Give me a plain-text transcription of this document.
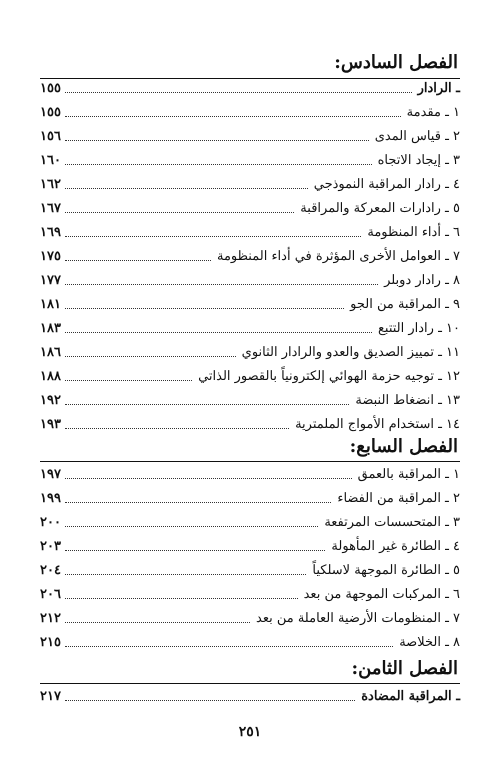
الفصل السادس:
ـ الرادار
١٥٥
١ ـ مقدمة
١٥٥
٢ ـ قياس المدى
١٥٦
٣ ـ إيجاد الاتجاه
١٦٠
٤ ـ رادار المراقبة النموذجي
١٦٢
٥ ـ رادارات المعركة والمراقبة
١٦٧
٦ ـ أداء المنظومة
١٦٩
٧ ـ العوامل الأخرى المؤثرة في أداء المنظومة
١٧٥
٨ ـ رادار دوبلر
١٧٧
٩ ـ المراقبة من الجو
١٨١
١٠ ـ رادار التتبع
١٨٣
١١ ـ تمييز الصديق والعدو والرادار الثانوي
١٨٦
١٢ ـ توجيه حزمة الهوائي إلكترونياً بالقصور الذاتي
١٨٨
١٣ ـ انضغاط النبضة
١٩٢
١٤ ـ استخدام الأمواج الملمترية
١٩٣
الفصل السابع:
١ ـ المراقبة بالعمق
١٩٧
٢ ـ المراقبة من الفضاء
١٩٩
٣ ـ المتحسسات المرتفعة
٢٠٠
٤ ـ الطائرة غير المأهولة
٢٠٣
٥ ـ الطائرة الموجهة لاسلكياً
٢٠٤
٦ ـ المركبات الموجهة من بعد
٢٠٦
٧ ـ المنظومات الأرضية العاملة من بعد
٢١٢
٨ ـ الخلاصة
٢١٥
الفصل الثامن:
ـ المراقبة المضادة
٢١٧
٢٥١
